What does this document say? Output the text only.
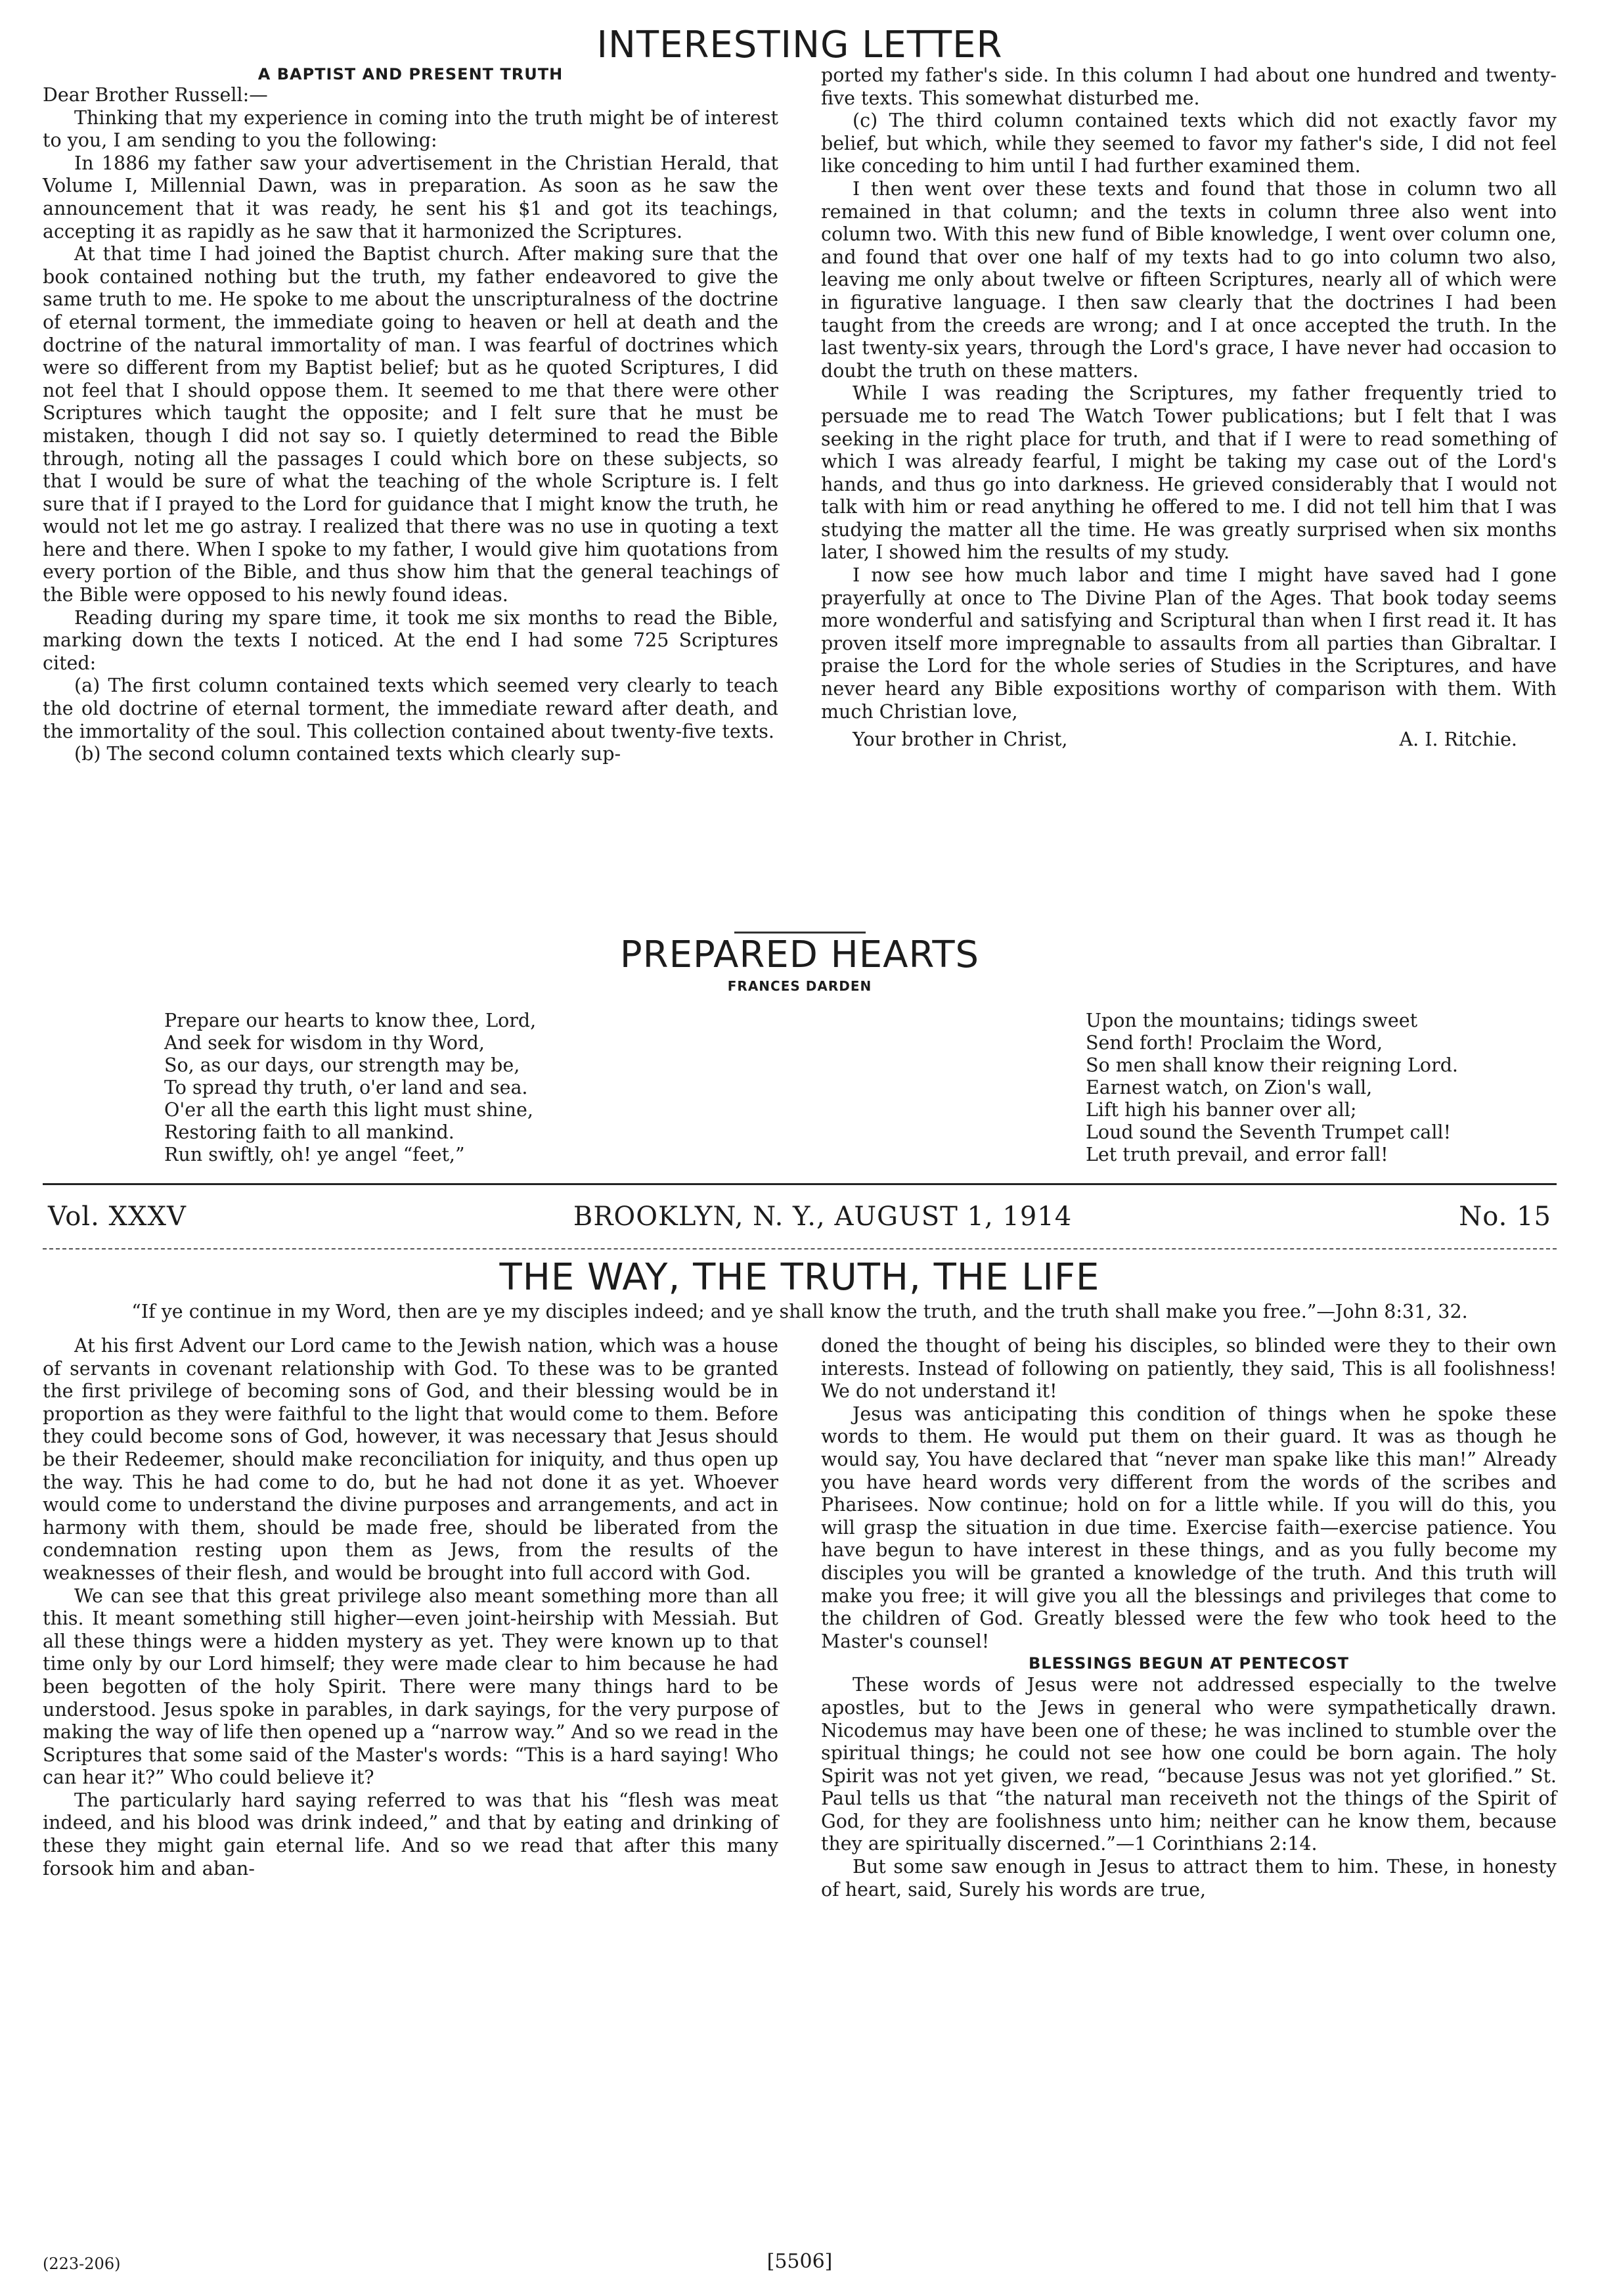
INTERESTING LETTER
A BAPTIST AND PRESENT TRUTH

Dear Brother Russell:—

Thinking that my experience in coming into the truth might be of interest to you, I am sending to you the following:

In 1886 my father saw your advertisement in the Christian Herald, that Volume I, Millennial Dawn, was in preparation. As soon as he saw the announcement that it was ready, he sent his $1 and got its teachings, accepting it as rapidly as he saw that it harmonized the Scriptures.

At that time I had joined the Baptist church. After making sure that the book contained nothing but the truth, my father endeavored to give the same truth to me. He spoke to me about the unscripturalness of the doctrine of eternal torment, the immediate going to heaven or hell at death and the doctrine of the natural immortality of man. I was fearful of doctrines which were so different from my Baptist belief; but as he quoted Scriptures, I did not feel that I should oppose them. It seemed to me that there were other Scriptures which taught the opposite; and I felt sure that he must be mistaken, though I did not say so. I quietly determined to read the Bible through, noting all the passages I could which bore on these subjects, so that I would be sure of what the teaching of the whole Scripture is. I felt sure that if I prayed to the Lord for guidance that I might know the truth, he would not let me go astray. I realized that there was no use in quoting a text here and there. When I spoke to my father, I would give him quotations from every portion of the Bible, and thus show him that the general teachings of the Bible were opposed to his newly found ideas.

Reading during my spare time, it took me six months to read the Bible, marking down the texts I noticed. At the end I had some 725 Scriptures cited:

(a) The first column contained texts which seemed very clearly to teach the old doctrine of eternal torment, the immediate reward after death, and the immortality of the soul. This collection contained about twenty-five texts.

(b) The second column contained texts which clearly sup-

ported my father's side. In this column I had about one hundred and twenty-five texts. This somewhat disturbed me.

(c) The third column contained texts which did not exactly favor my belief, but which, while they seemed to favor my father's side, I did not feel like conceding to him until I had further examined them.

I then went over these texts and found that those in column two all remained in that column; and the texts in column three also went into column two. With this new fund of Bible knowledge, I went over column one, and found that over one half of my texts had to go into column two also, leaving me only about twelve or fifteen Scriptures, nearly all of which were in figurative language. I then saw clearly that the doctrines I had been taught from the creeds are wrong; and I at once accepted the truth. In the last twenty-six years, through the Lord's grace, I have never had occasion to doubt the truth on these matters.

While I was reading the Scriptures, my father frequently tried to persuade me to read The Watch Tower publications; but I felt that I was seeking in the right place for truth, and that if I were to read something of which I was already fearful, I might be taking my case out of the Lord's hands, and thus go into darkness. He grieved considerably that I would not talk with him or read anything he offered to me. I did not tell him that I was studying the matter all the time. He was greatly surprised when six months later, I showed him the results of my study.

I now see how much labor and time I might have saved had I gone prayerfully at once to The Divine Plan of the Ages. That book today seems more wonderful and satisfying and Scriptural than when I first read it. It has proven itself more impregnable to assaults from all parties than Gibraltar. I praise the Lord for the whole series of Studies in the Scriptures, and have never heard any Bible expositions worthy of comparison with them. With much Christian love,

Your brother in Christ,	A. I. Ritchie.
PREPARED HEARTS
FRANCES DARDEN
Prepare our hearts to know thee, Lord,
And seek for wisdom in thy Word,
So, as our days, our strength may be,
To spread thy truth, o'er land and sea.
O'er all the earth this light must shine,
Restoring faith to all mankind.
Run swiftly, oh! ye angel “feet,”
Upon the mountains; tidings sweet
Send forth! Proclaim the Word,
So men shall know their reigning Lord.
Earnest watch, on Zion's wall,
Lift high his banner over all;
Loud sound the Seventh Trumpet call!
Let truth prevail, and error fall!
Vol. XXXV	BROOKLYN, N. Y., AUGUST 1, 1914	No. 15
THE WAY, THE TRUTH, THE LIFE
“If ye continue in my Word, then are ye my disciples indeed; and ye shall know the truth, and the truth shall make you free.”—John 8:31, 32.

At his first Advent our Lord came to the Jewish nation, which was a house of servants in covenant relationship with God. To these was to be granted the first privilege of becoming sons of God, and their blessing would be in proportion as they were faithful to the light that would come to them. Before they could become sons of God, however, it was necessary that Jesus should be their Redeemer, should make reconciliation for iniquity, and thus open up the way. This he had come to do, but he had not done it as yet. Whoever would come to understand the divine purposes and arrangements, and act in harmony with them, should be made free, should be liberated from the condemnation resting upon them as Jews, from the results of the weaknesses of their flesh, and would be brought into full accord with God.

We can see that this great privilege also meant something more than all this. It meant something still higher—even joint-heirship with Messiah. But all these things were a hidden mystery as yet. They were known up to that time only by our Lord himself; they were made clear to him because he had been begotten of the holy Spirit. There were many things hard to be understood. Jesus spoke in parables, in dark sayings, for the very purpose of making the way of life then opened up a “narrow way.” And so we read in the Scriptures that some said of the Master's words: “This is a hard saying! Who can hear it?” Who could believe it?

The particularly hard saying referred to was that his “flesh was meat indeed, and his blood was drink indeed,” and that by eating and drinking of these they might gain eternal life. And so we read that after this many forsook him and aban-

doned the thought of being his disciples, so blinded were they to their own interests. Instead of following on patiently, they said, This is all foolishness! We do not understand it!

Jesus was anticipating this condition of things when he spoke these words to them. He would put them on their guard. It was as though he would say, You have declared that “never man spake like this man!” Already you have heard words very different from the words of the scribes and Pharisees. Now continue; hold on for a little while. If you will do this, you will grasp the situation in due time. Exercise faith—exercise patience. You have begun to have interest in these things, and as you fully become my disciples you will be granted a knowledge of the truth. And this truth will make you free; it will give you all the blessings and privileges that come to the children of God. Greatly blessed were the few who took heed to the Master's counsel!

BLESSINGS BEGUN AT PENTECOST

These words of Jesus were not addressed especially to the twelve apostles, but to the Jews in general who were sympathetically drawn. Nicodemus may have been one of these; he was inclined to stumble over the spiritual things; he could not see how one could be born again. The holy Spirit was not yet given, we read, “because Jesus was not yet glorified.” St. Paul tells us that “the natural man receiveth not the things of the Spirit of God, for they are foolishness unto him; neither can he know them, because they are spiritually discerned.”—1 Corinthians 2:14.

But some saw enough in Jesus to attract them to him. These, in honesty of heart, said, Surely his words are true,

(223-206)	[5506]
